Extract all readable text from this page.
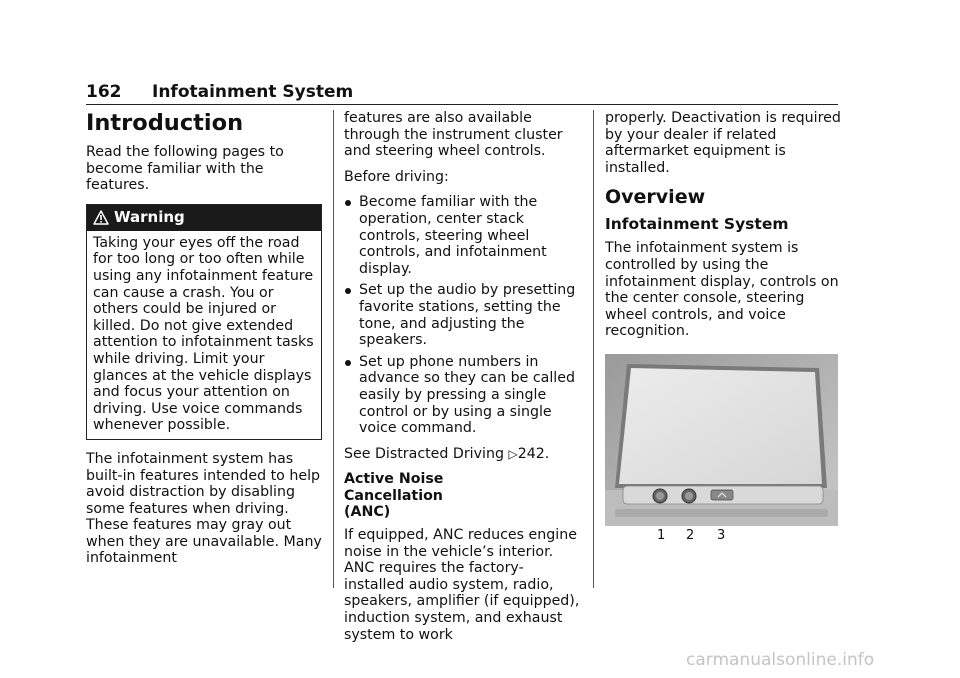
162 Infotainment System
Introduction

Read the following pages to become familiar with the features.

Warning
Taking your eyes off the road for too long or too often while using any infotainment feature can cause a crash. You or others could be injured or killed. Do not give extended attention to infotainment tasks while driving. Limit your glances at the vehicle displays and focus your attention on driving. Use voice commands whenever possible.

The infotainment system has built-in features intended to help avoid distraction by disabling some features when driving. These features may gray out when they are unavailable. Many infotainment

features are also available through the instrument cluster and steering wheel controls.

Before driving:

Become familiar with the operation, center stack controls, steering wheel controls, and infotainment display.
Set up the audio by presetting favorite stations, setting the tone, and adjusting the speakers.
Set up phone numbers in advance so they can be called easily by pressing a single control or by using a single voice command.

See Distracted Driving ▷242.

Active Noise Cancellation (ANC)

If equipped, ANC reduces engine noise in the vehicle’s interior. ANC requires the factory-installed audio system, radio, speakers, amplifier (if equipped), induction system, and exhaust system to work

properly. Deactivation is required by your dealer if related aftermarket equipment is installed.

Overview
Infotainment System

The infotainment system is controlled by using the infotainment display, controls on the center console, steering wheel controls, and voice recognition.

1 2 3
carmanualsonline.info
